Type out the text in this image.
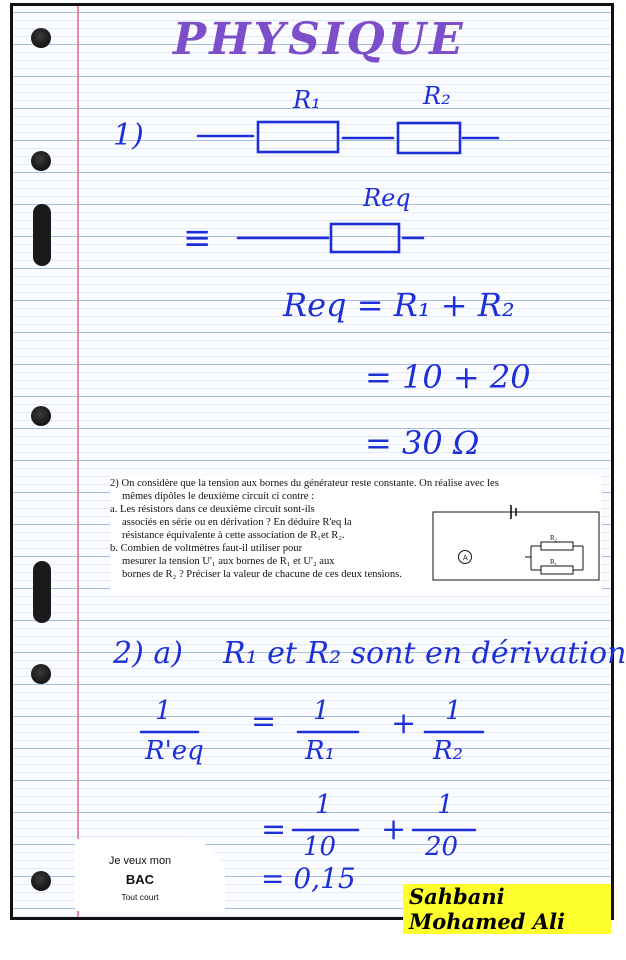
PHYSIQUE
1)
R₁	R₂
≡
Req
Req = R₁ + R₂
= 10 + 20
= 30 Ω

2) On considère que la tension aux bornes du générateur reste constante. On réalise avec les

mêmes dipôles le deuxième circuit ci contre :

a. Les résistors dans ce deuxième circuit sont-ils

associés en série ou en dérivation ? En déduire R'eq la

résistance équivalente à cette association de R₁et R₂.

b. Combien de voltmètres faut-il utiliser pour

mesurer la tension U'₁ aux bornes de R₁ et U'₂ aux

bornes de R₂ ? Préciser la valeur de chacune de ces deux tensions.

A
R₂
R₁
2) a) R₁ et R₂ sont en dérivation
1
R'eq
= 1
R₁
+ 1
R₂
=
1
10 +
1
20
= 0,15
Je veux mon
BAC
Tout court	Sahbani Mohamed Ali
